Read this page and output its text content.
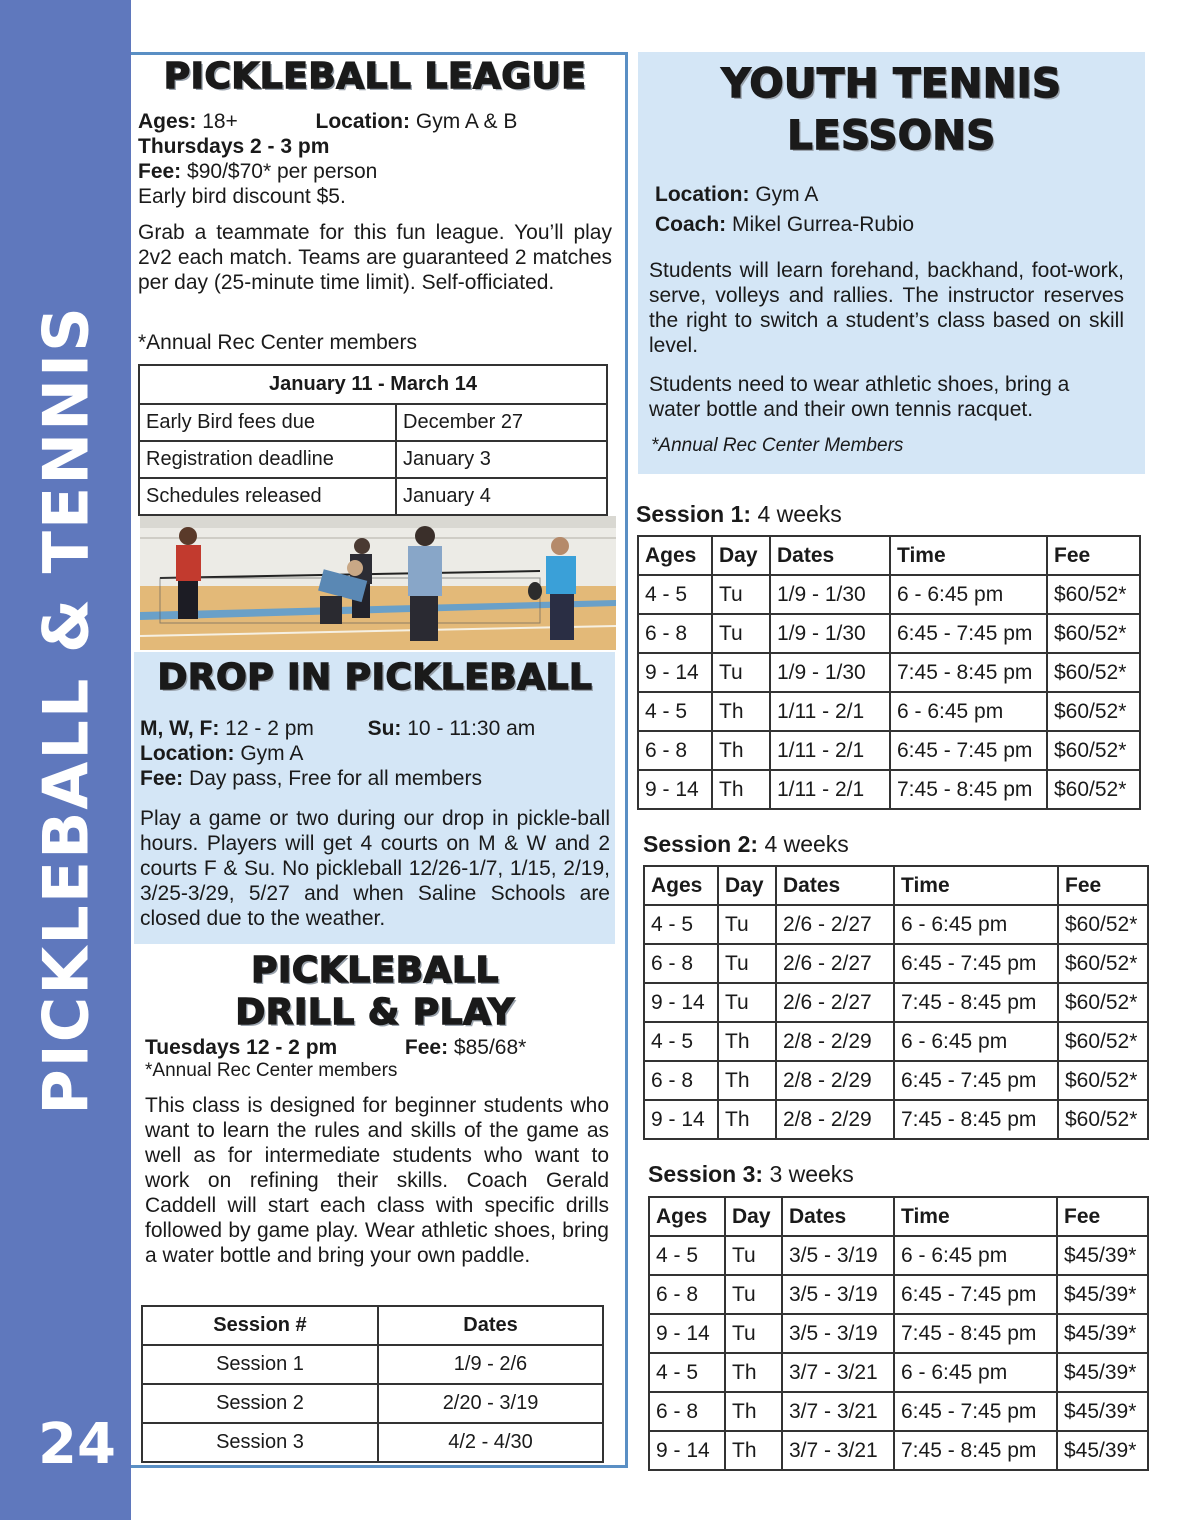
PICKLEBALL & TENNIS
24
PICKLEBALL LEAGUE
Ages: 18+	Location: Gym A & B
Thursdays 2 - 3 pm
Fee: $90/$70* per person
Early bird discount $5.
Grab a teammate for this fun league. You’ll play 2v2 each match. Teams are guaranteed 2 matches per day (25-minute time limit). Self-officiated.
*Annual Rec Center members
January 11 - March 14	
Early Bird fees due	December 27
Registration deadline	January 3
Schedules released	January 4
DROP IN PICKLEBALL
M, W, F: 12 - 2 pm	Su: 10 - 11:30 am
Location: Gym A
Fee: Day pass, Free for all members
Play a game or two during our drop in pickle-ball hours. Players will get 4 courts on M & W and 2 courts F & Su. No pickleball 12/26-1/7, 1/15, 2/19, 3/25-3/29, 5/27 and when Saline Schools are closed due to the weather.
PICKLEBALL
DRILL & PLAY
Tuesdays 12 - 2 pm	Fee: $85/68*
*Annual Rec Center members
This class is designed for beginner students who want to learn the rules and skills of the game as well as for intermediate students who want to work on refining their skills. Coach Gerald Caddell will start each class with specific drills followed by game play. Wear athletic shoes, bring a water bottle and bring your own paddle.
Session #	Dates
Session 1	1/9 - 2/6
Session 2	2/20 - 3/19
Session 3	4/2 - 4/30
YOUTH TENNIS
LESSONS
Location: Gym A
Coach: Mikel Gurrea-Rubio
Students will learn forehand, backhand, foot-work, serve, volleys and rallies. The instructor reserves the right to switch a student’s class based on skill level.
Students need to wear athletic shoes, bring a water bottle and their own tennis racquet.
*Annual Rec Center Members
Session 1: 4 weeks
Ages	Day	Dates	Time	Fee
4 - 5	Tu	1/9 - 1/30	6 - 6:45 pm	$60/52*
6 - 8	Tu	1/9 - 1/30	6:45 - 7:45 pm	$60/52*
9 - 14	Tu	1/9 - 1/30	7:45 - 8:45 pm	$60/52*
4 - 5	Th	1/11 - 2/1	6 - 6:45 pm	$60/52*
6 - 8	Th	1/11 - 2/1	6:45 - 7:45 pm	$60/52*
9 - 14	Th	1/11 - 2/1	7:45 - 8:45 pm	$60/52*
Session 2: 4 weeks
Ages	Day	Dates	Time	Fee
4 - 5	Tu	2/6 - 2/27	6 - 6:45 pm	$60/52*
6 - 8	Tu	2/6 - 2/27	6:45 - 7:45 pm	$60/52*
9 - 14	Tu	2/6 - 2/27	7:45 - 8:45 pm	$60/52*
4 - 5	Th	2/8 - 2/29	6 - 6:45 pm	$60/52*
6 - 8	Th	2/8 - 2/29	6:45 - 7:45 pm	$60/52*
9 - 14	Th	2/8 - 2/29	7:45 - 8:45 pm	$60/52*
Session 3: 3 weeks
Ages	Day	Dates	Time	Fee
4 - 5	Tu	3/5 - 3/19	6 - 6:45 pm	$45/39*
6 - 8	Tu	3/5 - 3/19	6:45 - 7:45 pm	$45/39*
9 - 14	Tu	3/5 - 3/19	7:45 - 8:45 pm	$45/39*
4 - 5	Th	3/7 - 3/21	6 - 6:45 pm	$45/39*
6 - 8	Th	3/7 - 3/21	6:45 - 7:45 pm	$45/39*
9 - 14	Th	3/7 - 3/21	7:45 - 8:45 pm	$45/39*
